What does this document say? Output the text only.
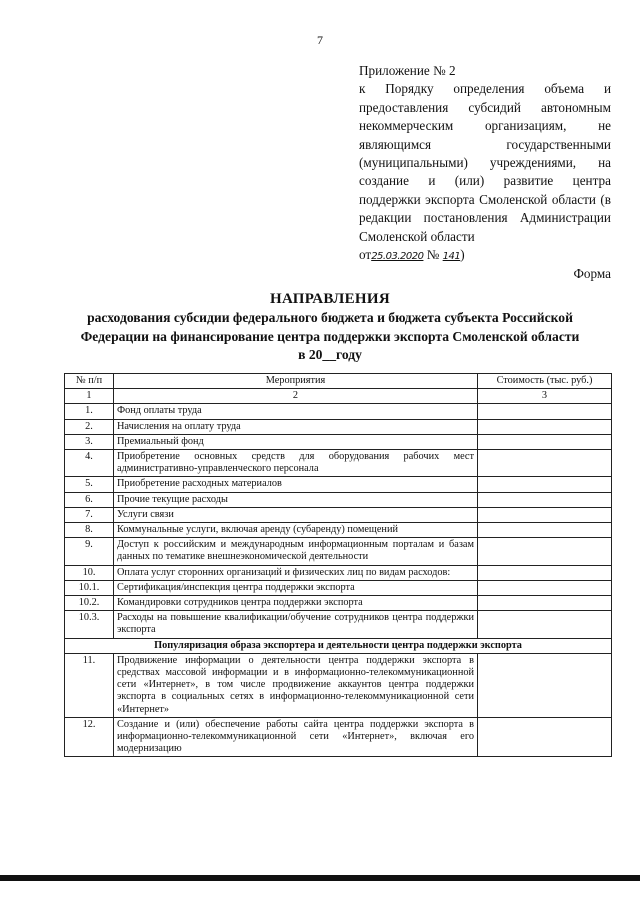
7
Приложение № 2
к Порядку определения объема и предоставления субсидий автономным некоммерческим организациям, не являющимся государственными (муниципальными) учреждениями, на создание и (или) развитие центра поддержки экспорта Смоленской области (в редакции постановления Администрации Смоленской области
от25.03.2020 № 141)
Форма
НАПРАВЛЕНИЯ
расходования субсидии федерального бюджета и бюджета субъекта Российской
Федерации на финансирование центра поддержки экспорта Смоленской области
в 20__году
№ п/п	Мероприятия	Стоимость (тыс. руб.)
1	2	3
1.	Фонд оплаты труда	
2.	Начисления на оплату труда	
3.	Премиальный фонд	
4.	Приобретение основных средств для оборудования рабочих мест административно-управленческого персонала	
5.	Приобретение расходных материалов	
6.	Прочие текущие расходы	
7.	Услуги связи	
8.	Коммунальные услуги, включая аренду (субаренду) помещений	
9.	Доступ к российским и международным информационным порталам и базам данных по тематике внешнеэкономической деятельности	
10.	Оплата услуг сторонних организаций и физических лиц по видам расходов:	
10.1.	Сертификация/инспекция центра поддержки экспорта	
10.2.	Командировки сотрудников центра поддержки экспорта	
10.3.	Расходы на повышение квалификации/обучение сотрудников центра поддержки экспорта	
Популяризация образа экспортера и деятельности центра поддержки экспорта		
11.	Продвижение информации о деятельности центра поддержки экспорта в средствах массовой информации и в информационно-телекоммуникационной сети «Интернет», в том числе продвижение аккаунтов центра поддержки экспорта в социальных сетях в информационно-телекоммуникационной сети «Интернет»	
12.	Создание и (или) обеспечение работы сайта центра поддержки экспорта в информационно-телекоммуникационной сети «Интернет», включая его модернизацию	
